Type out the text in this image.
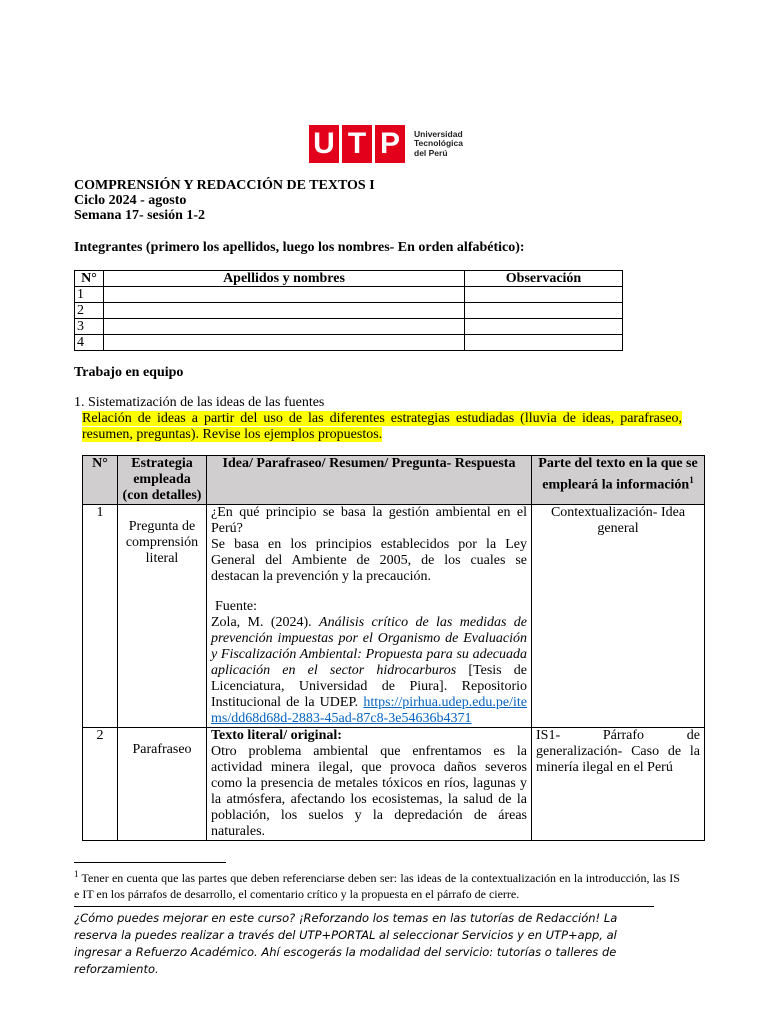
U T P	Universidad
Tecnológica
del Perú
COMPRENSIÓN Y REDACCIÓN DE TEXTOS I
Ciclo 2024 - agosto
Semana 17- sesión 1-2
Integrantes (primero los apellidos, luego los nombres- En orden alfabético):
N°	Apellidos y nombres	Observación
1		
2		
3		
4		
Trabajo en equipo
1. Sistematización de las ideas de las fuentes
Relación de ideas a partir del uso de las diferentes estrategias estudiadas (lluvia de ideas, parafraseo, resumen, preguntas). Revise los ejemplos propuestos.
N°	Estrategia empleada (con detalles)	Idea/ Parafraseo/ Resumen/ Pregunta- Respuesta	Parte del texto en la que se empleará la información$^1$
1	Pregunta de comprensión literal	¿En qué principio se basa la gestión ambiental en el Perú?
Se basa en los principios establecidos por la Ley General del Ambiente de 2005, de los cuales se destacan la prevención y la precaución.
Fuente:
Zola, M. (2024). Análisis crítico de las medidas de prevención impuestas por el Organismo de Evaluación y Fiscalización Ambiental: Propuesta para su adecuada aplicación en el sector hidrocarburos [Tesis de Licenciatura, Universidad de Piura]. Repositorio Institucional de la UDEP. https://pirhua.udep.edu.pe/items/dd68d68d-2883-45ad-87c8-3e54636b4371	Contextualización- Idea general
2	Parafraseo	Texto literal/ original:
Otro problema ambiental que enfrentamos es la actividad minera ilegal, que provoca daños severos como la presencia de metales tóxicos en ríos, lagunas y la atmósfera, afectando los ecosistemas, la salud de la población, los suelos y la depredación de áreas naturales.	IS1- Párrafo de generalización- Caso de la minería ilegal en el Perú
$^1$ Tener en cuenta que las partes que deben referenciarse deben ser: las ideas de la contextualización en la introducción, las IS e IT en los párrafos de desarrollo, el comentario crítico y la propuesta en el párrafo de cierre.
¿Cómo puedes mejorar en este curso? ¡Reforzando los temas en las tutorías de Redacción! La reserva la puedes realizar a través del UTP+PORTAL al seleccionar Servicios y en UTP+app, al ingresar a Refuerzo Académico. Ahí escogerás la modalidad del servicio: tutorías o talleres de reforzamiento.
